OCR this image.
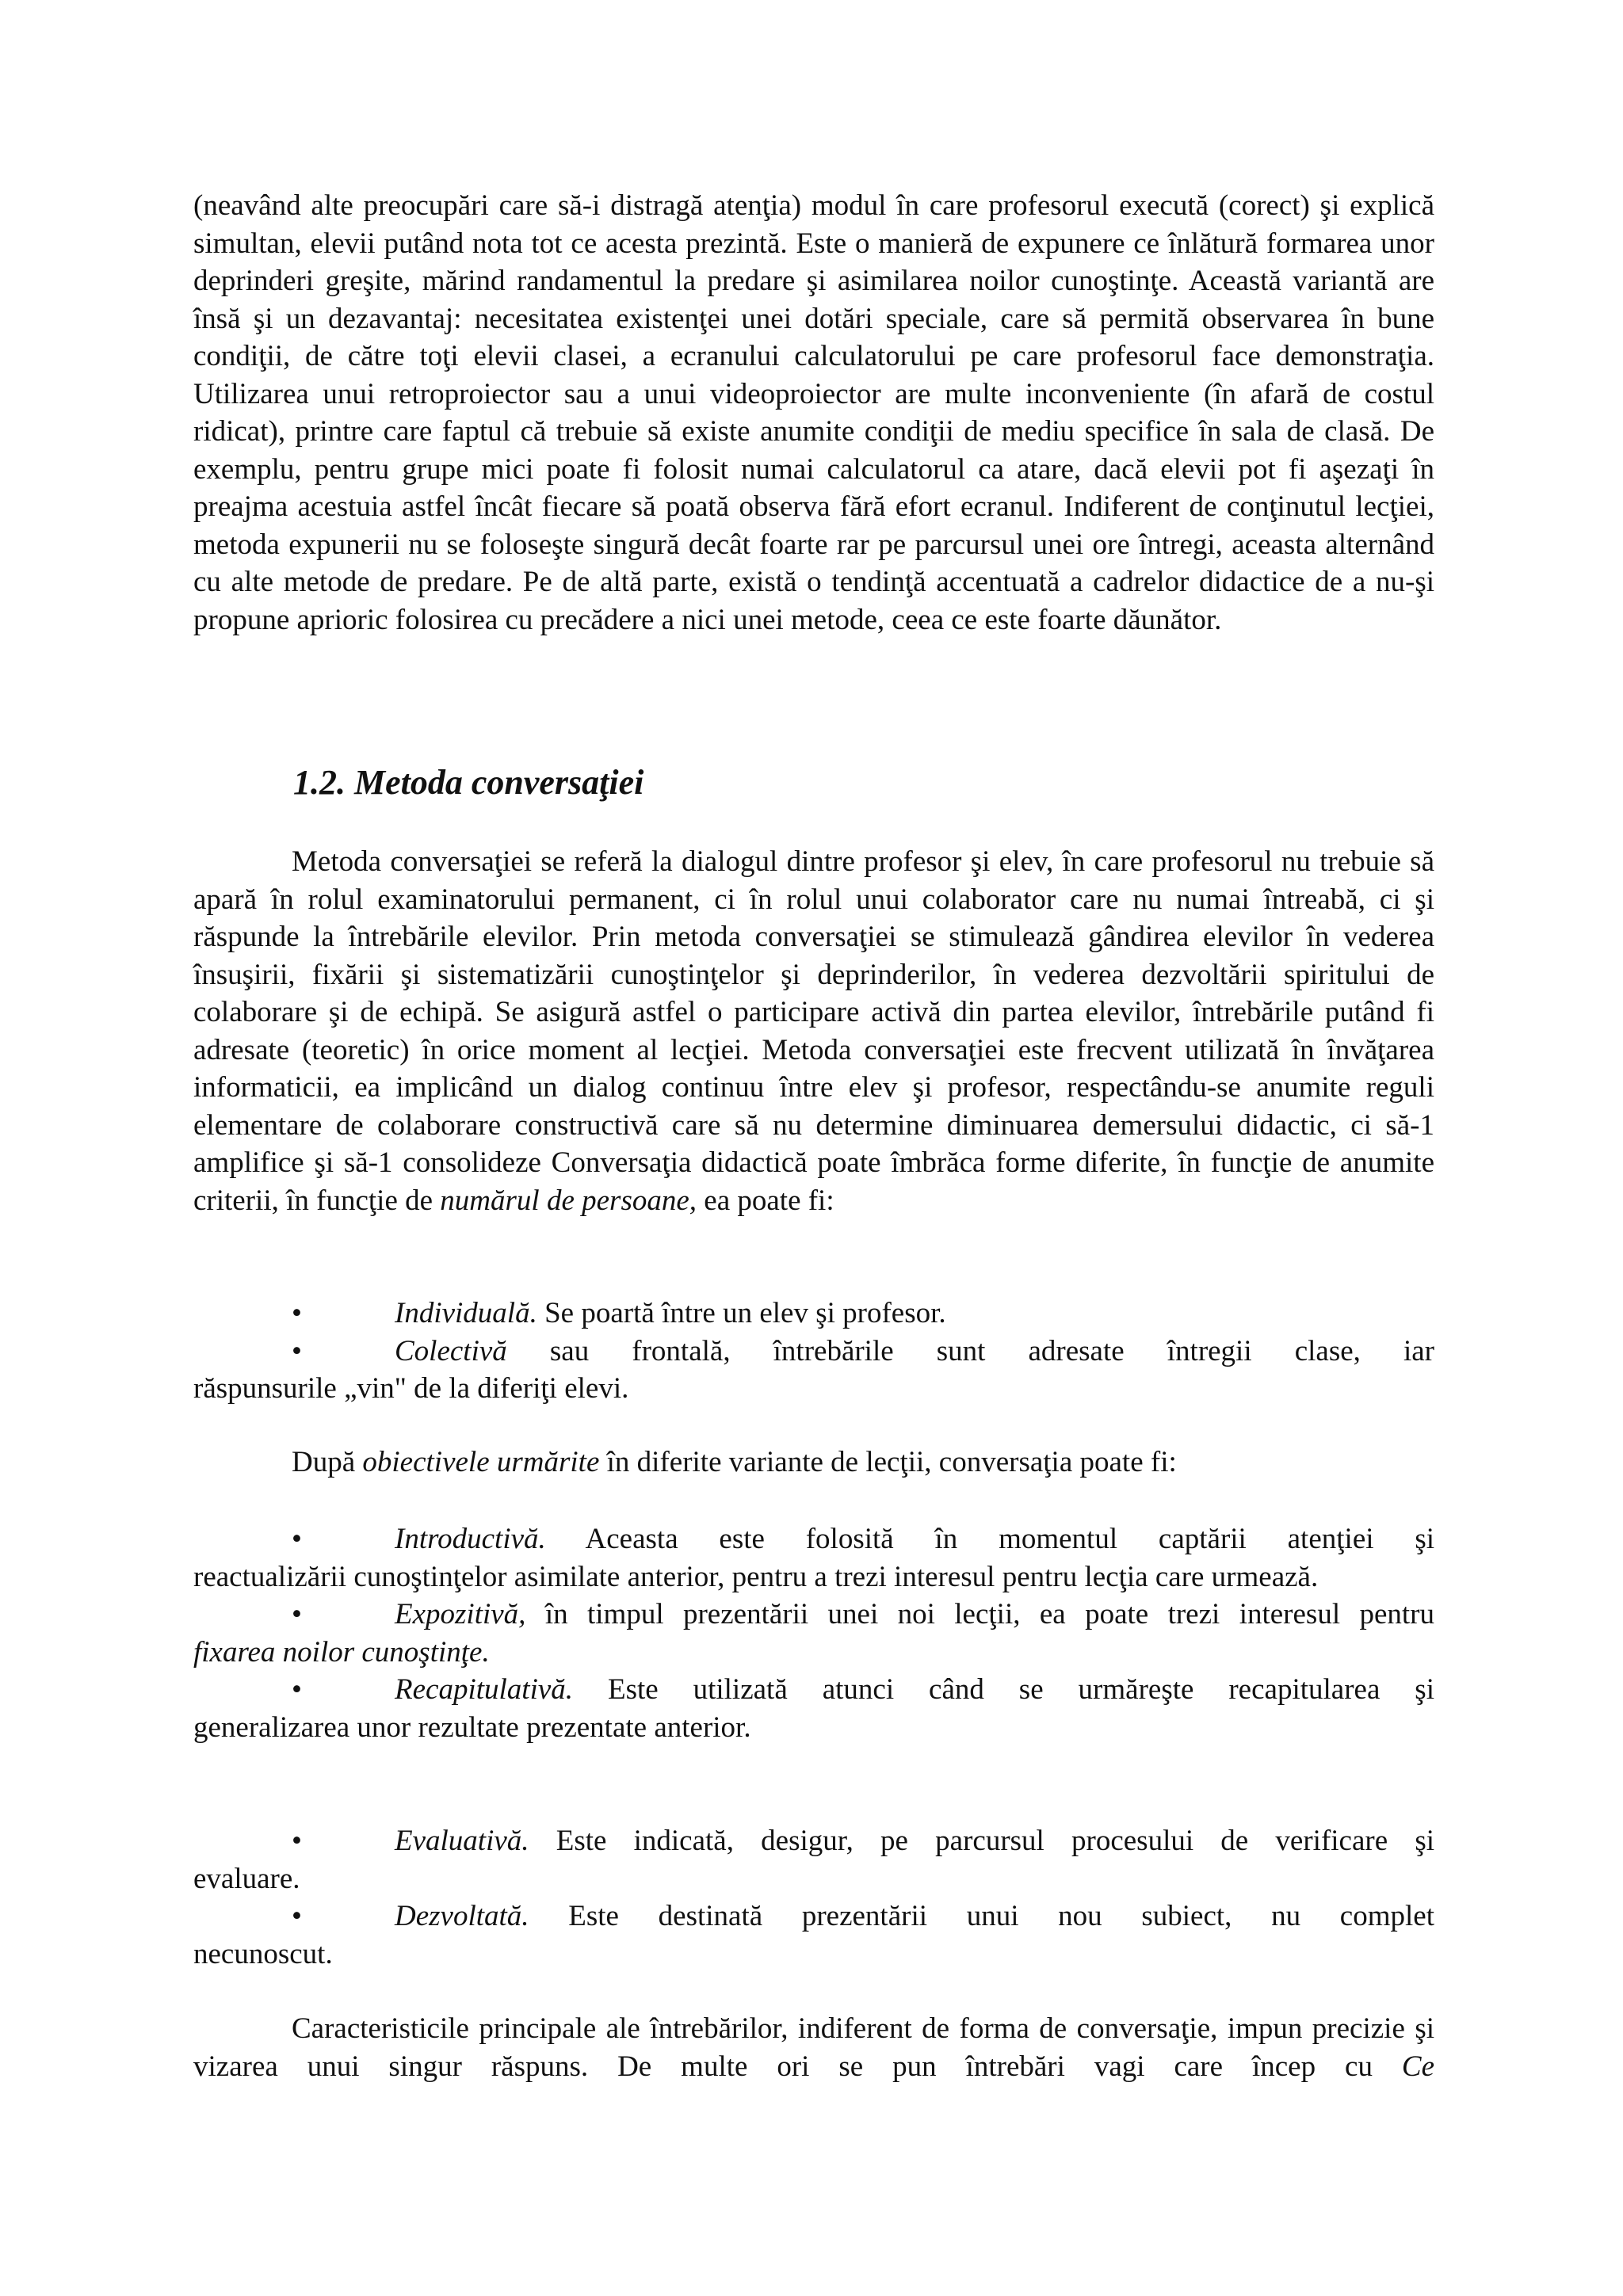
(neavând alte preocupări care să-i distragă atenţia) modul în care profesorul execută (corect) şi explică simultan, elevii putând nota tot ce acesta prezintă. Este o manieră de expunere ce înlătură formarea unor deprinderi greşite, mărind randamentul la predare şi asimilarea noilor cunoştinţe. Această variantă are însă şi un dezavantaj: necesitatea existenţei unei dotări speciale, care să permită observarea în bune condiţii, de către toţi elevii clasei, a ecranului calculatorului pe care profesorul face demonstraţia. Utilizarea unui retroproiector sau a unui videoproiector are multe inconveniente (în afară de costul ridicat), printre care faptul că trebuie să existe anumite condiţii de mediu specifice în sala de clasă. De exemplu, pentru grupe mici poate fi folosit numai calculatorul ca atare, dacă elevii pot fi aşezaţi în preajma acestuia astfel încât fiecare să poată observa fără efort ecranul. Indiferent de conţinutul lecţiei, metoda expunerii nu se foloseşte singură decât foarte rar pe parcursul unei ore întregi, aceasta alternând cu alte metode de predare. Pe de altă parte, există o tendinţă accentuată a cadrelor didactice de a nu-şi propune aprioric folosirea cu precădere a nici unei metode, ceea ce este foarte dăunător.

1.2. Metoda conversaţiei

Metoda conversaţiei se referă la dialogul dintre profesor şi elev, în care profesorul nu trebuie să apară în rolul examinatorului permanent, ci în rolul unui colaborator care nu numai întreabă, ci şi răspunde la întrebările elevilor. Prin metoda conversaţiei se stimulează gândirea elevilor în vederea însuşirii, fixării şi sistematizării cunoştinţelor şi deprinderilor, în vederea dezvoltării spiritului de colaborare şi de echipă. Se asigură astfel o participare activă din partea elevilor, întrebările putând fi adresate (teoretic) în orice moment al lecţiei. Metoda conversaţiei este frecvent utilizată în învăţarea informaticii, ea implicând un dialog continuu între elev şi profesor, respectându-se anumite reguli elementare de colaborare constructivă care să nu determine diminuarea demersului didactic, ci să-1 amplifice şi să-1 consolideze Conversaţia didactică poate îmbrăca forme diferite, în funcţie de anumite criterii, în funcţie de numărul de persoane, ea poate fi:

•	Individuală. Se poartă între un elev şi profesor.

•	Colectivă sau frontală, întrebările sunt adresate întregii clase, iar

răspunsurile „vin" de la diferiţi elevi.

După obiectivele urmărite în diferite variante de lecţii, conversaţia poate fi:

•	Introductivă. Aceasta este folosită în momentul captării atenţiei şi

reactualizării cunoştinţelor asimilate anterior, pentru a trezi interesul pentru lecţia care urmează.

•	Expozitivă, în timpul prezentării unei noi lecţii, ea poate trezi interesul pentru

fixarea noilor cunoştinţe.

•	Recapitulativă. Este utilizată atunci când se urmăreşte recapitularea şi

generalizarea unor rezultate prezentate anterior.

•	Evaluativă. Este indicată, desigur, pe parcursul procesului de verificare şi

evaluare.

•	Dezvoltată. Este destinată prezentării unui nou subiect, nu complet

necunoscut.

Caracteristicile principale ale întrebărilor, indiferent de forma de conversaţie, impun precizie şi vizarea unui singur răspuns. De multe ori se pun întrebări vagi care încep cu Ce
